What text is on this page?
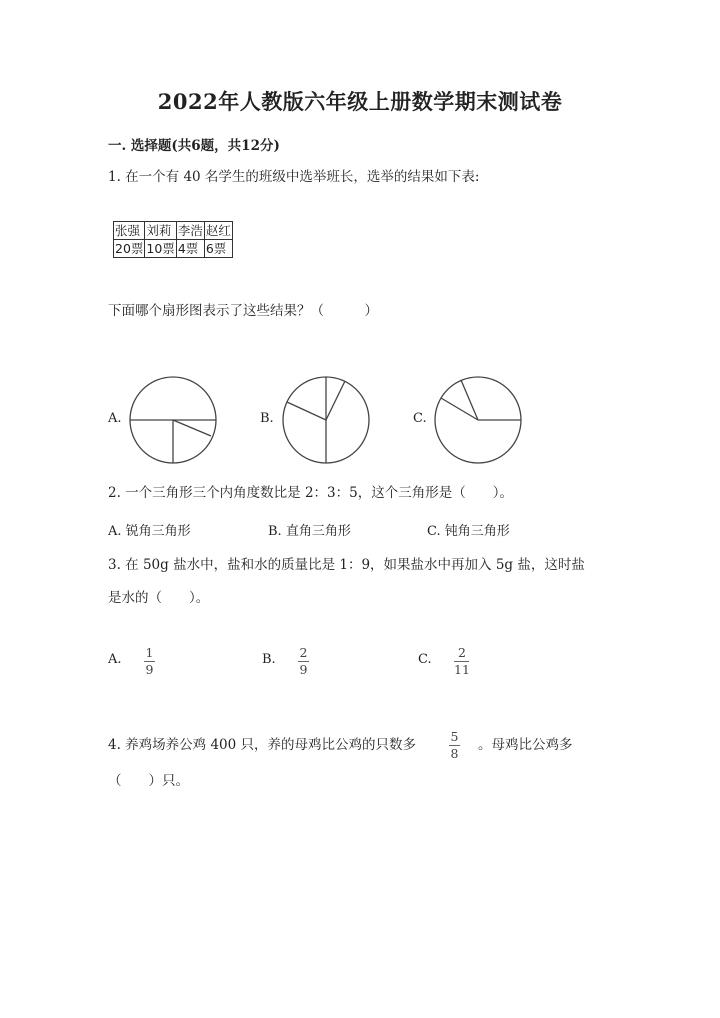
2022年人教版六年级上册数学期末测试卷
一. 选择题(共6题，共12分)
1. 在一个有 40 名学生的班级中选举班长，选举的结果如下表:
张强	刘莉	李浩	赵红
20票	10票	4票	6票
下面哪个扇形图表示了这些结果？（　　　）
A.	B.	C.
2. 一个三角形三个内角度数比是 2：3：5，这个三角形是（　　）。
A. 锐角三角形	B. 直角三角形	C. 钝角三角形
3. 在 50g 盐水中，盐和水的质量比是 1：9，如果盐水中再加入 5g 盐，这时盐
是水的（　　）。
A. 1
9
B. 2
9
C. 2
11
4. 养鸡场养公鸡 400 只，养的母鸡比公鸡的只数多
5
8
。母鸡比公鸡多
（　　）只。
